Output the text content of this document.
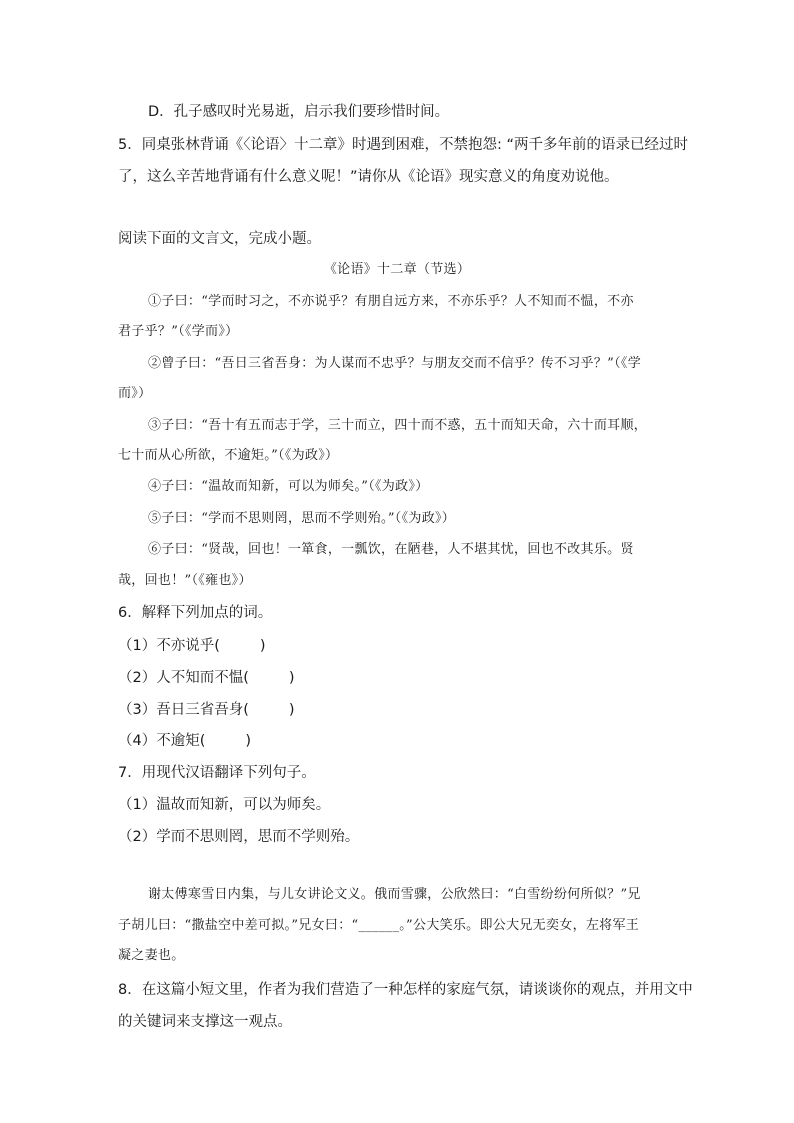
D．孔子感叹时光易逝，启示我们要珍惜时间。
5．同桌张林背诵《〈论语〉十二章》时遇到困难，不禁抱怨: “两千多年前的语录已经过时
了，这么辛苦地背诵有什么意义呢！”请你从《论语》现实意义的角度劝说他。
阅读下面的文言文，完成小题。
《论语》十二章（节选）
①子曰：“学而时习之，不亦说乎？有朋自远方来，不亦乐乎？人不知而不愠，不亦
君子乎？”（《学而》）
②曾子曰：“吾日三省吾身：为人谋而不忠乎？与朋友交而不信乎？传不习乎？”（《学
而》）
③子曰：“吾十有五而志于学，三十而立，四十而不惑，五十而知天命，六十而耳顺，
七十而从心所欲，不逾矩。”（《为政》）
④子曰：“温故而知新，可以为师矣。”（《为政》）
⑤子曰：“学而不思则罔，思而不学则殆。”（《为政》）
⑥子曰：“贤哉，回也！一箪食，一瓢饮，在陋巷，人不堪其忧，回也不改其乐。贤
哉，回也！”（《雍也》）
6．解释下列加点的词。
（1）不亦说乎(	)
（2）人不知而不愠(	)
（3）吾日三省吾身(	)
（4）不逾矩(	)
7．用现代汉语翻译下列句子。
（1）温故而知新，可以为师矣。
（2）学而不思则罔，思而不学则殆。
谢太傅寒雪日内集，与儿女讲论文义。俄而雪骤，公欣然曰：“白雪纷纷何所似？”兄
子胡儿曰：“撒盐空中差可拟。”兄女曰：“______。”公大笑乐。即公大兄无奕女，左将军王
凝之妻也。
8．在这篇小短文里，作者为我们营造了一种怎样的家庭气氛，请谈谈你的观点，并用文中
的关键词来支撑这一观点。
